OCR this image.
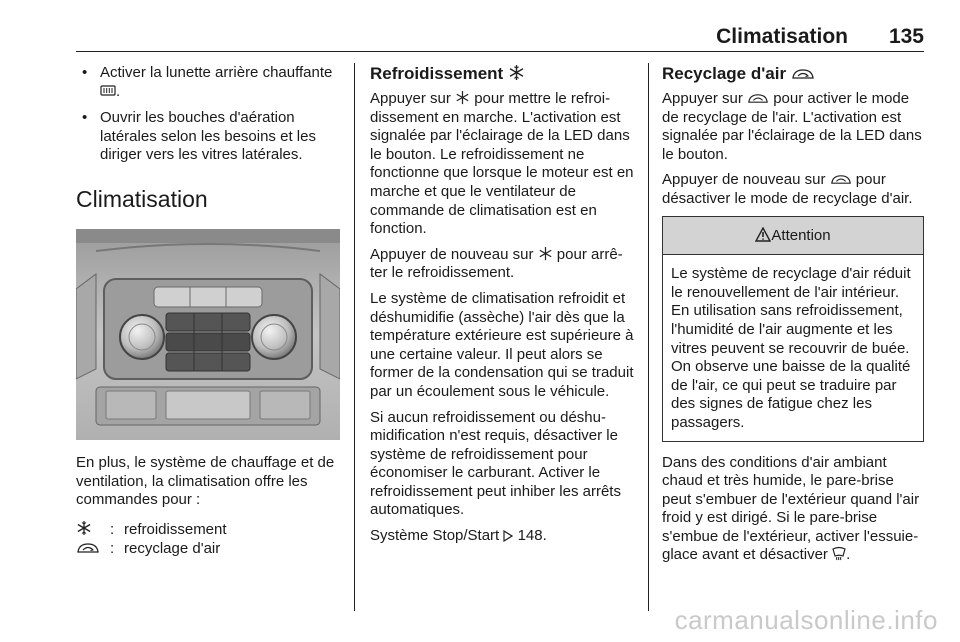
Climatisation 135
• Activer la lunette arrière chauffante .
• Ouvrir les bouches d'aération latérales selon les besoins et les diriger vers les vitres latérales.
Climatisation

En plus, le système de chauffage et de ventilation, la climatisation offre les commandes pour :

: refroidissement
: recyclage d'air
Refroidissement

Appuyer sur pour mettre le refroidissement en marche. L'activation est signalée par l'éclairage de la LED dans le bouton. Le refroidissement ne fonctionne que lorsque le moteur est en marche et que le ventilateur de commande de climatisation est en fonction.

Appuyer de nouveau sur pour arrêter le refroidissement.

Le système de climatisation refroidit et déshumidifie (assèche) l'air dès que la température extérieure est supérieure à une certaine valeur. Il peut alors se former de la condensation qui se traduit par un écoulement sous le véhicule.

Si aucun refroidissement ou déshumidification n'est requis, désactiver le système de refroidissement pour économiser le carburant. Activer le refroidissement peut inhiber les arrêts automatiques.

Système Stop/Start 148.

Recyclage d'air

Appuyer sur pour activer le mode de recyclage de l'air. L'activation est signalée par l'éclairage de la LED dans le bouton.

Appuyer de nouveau sur pour désactiver le mode de recyclage d'air.

Attention
Le système de recyclage d'air réduit le renouvellement de l'air intérieur. En utilisation sans refroidissement, l'humidité de l'air augmente et les vitres peuvent se recouvrir de buée. On observe une baisse de la qualité de l'air, ce qui peut se traduire par des signes de fatigue chez les passagers.

Dans des conditions d'air ambiant chaud et très humide, le pare-brise peut s'embuer de l'extérieur quand l'air froid y est dirigé. Si le pare-brise s'embue de l'extérieur, activer l'essuie-glace avant et désactiver .

carmanualsonline.info
